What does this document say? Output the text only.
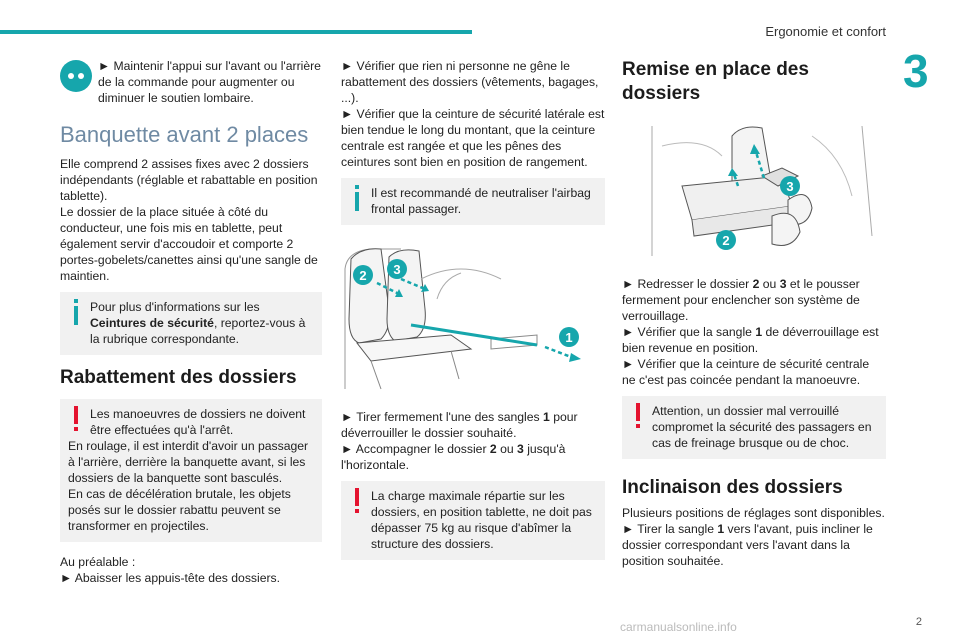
Ergonomie et confort
3

► Maintenir l'appui sur l'avant ou l'arrière de la commande pour augmenter ou diminuer le soutien lombaire.

Banquette avant 2 places

Elle comprend 2 assises fixes avec 2 dossiers indépendants (réglable et rabattable en position tablette).

Le dossier de la place située à côté du conducteur, une fois mis en tablette, peut également servir d'accoudoir et comporte 2 portes-gobelets/canettes ainsi qu'une sangle de maintien.

Pour plus d'informations sur les Ceintures de sécurité, reportez-vous à la rubrique correspondante.
Rabattement des dossiers
Les manoeuvres de dossiers ne doivent être effectuées qu'à l'arrêt.
En roulage, il est interdit d'avoir un passager à l'arrière, derrière la banquette avant, si les dossiers de la banquette sont basculés.
En cas de décélération brutale, les objets posés sur le dossier rabattu peuvent se transformer en projectiles.

Au préalable :

► Abaisser les appuis-tête des dossiers.

► Vérifier que rien ni personne ne gêne le rabattement des dossiers (vêtements, bagages, ...).

► Vérifier que la ceinture de sécurité latérale est bien tendue le long du montant, que la ceinture centrale est rangée et que les pênes des ceintures sont bien en position de rangement.

Il est recommandé de neutraliser l'airbag frontal passager.
2 3
1

► Tirer fermement l'une des sangles 1 pour déverrouiller le dossier souhaité.

► Accompagner le dossier 2 ou 3 jusqu'à l'horizontale.

La charge maximale répartie sur les dossiers, en position tablette, ne doit pas dépasser 75 kg au risque d'abîmer la structure des dossiers.
Remise en place des dossiers
3
2

► Redresser le dossier 2 ou 3 et le pousser fermement pour enclencher son système de verrouillage.

► Vérifier que la sangle 1 de déverrouillage est bien revenue en position.

► Vérifier que la ceinture de sécurité centrale ne c'est pas coincée pendant la manoeuvre.

Attention, un dossier mal verrouillé compromet la sécurité des passagers en cas de freinage brusque ou de choc.
Inclinaison des dossiers

Plusieurs positions de réglages sont disponibles.

► Tirer la sangle 1 vers l'avant, puis incliner le dossier correspondant vers l'avant dans la position souhaitée.

carmanualsonline.info	2
